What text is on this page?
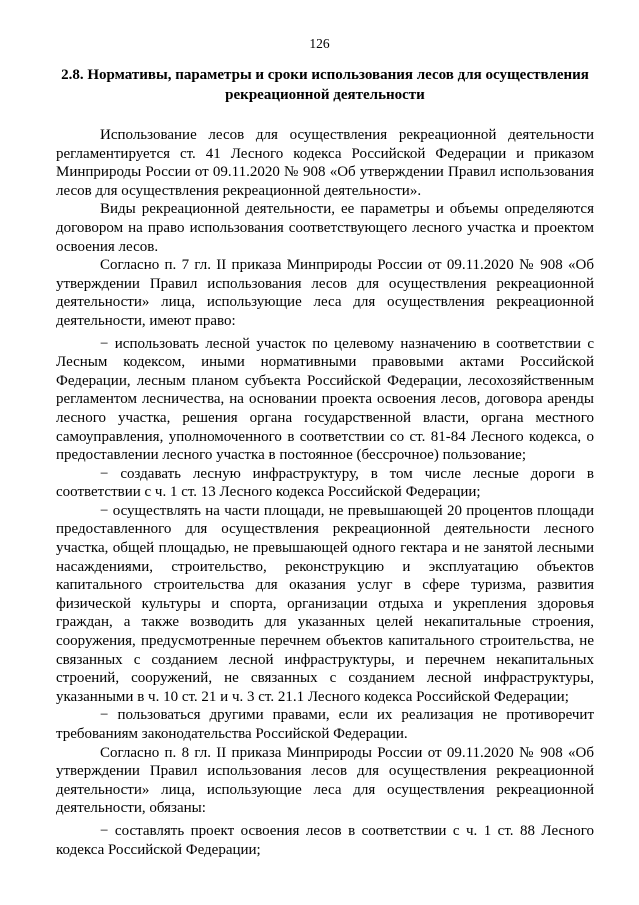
126
2.8. Нормативы, параметры и сроки использования лесов для осуществления рекреационной деятельности

Использование лесов для осуществления рекреационной деятельности регламентируется ст. 41 Лесного кодекса Российской Федерации и приказом Минприроды России от 09.11.2020 № 908 «Об утверждении Правил использования лесов для осуществления рекреационной деятельности».

Виды рекреационной деятельности, ее параметры и объемы определяются договором на право использования соответствующего лесного участка и проектом освоения лесов.

Согласно п. 7 гл. II приказа Минприроды России от 09.11.2020 № 908 «Об утверждении Правил использования лесов для осуществления рекреационной деятельности» лица, использующие леса для осуществления рекреационной деятельности, имеют право:

− использовать лесной участок по целевому назначению в соответствии с Лесным кодексом, иными нормативными правовыми актами Российской Федерации, лесным планом субъекта Российской Федерации, лесохозяйственным регламентом лесничества, на основании проекта освоения лесов, договора аренды лесного участка, решения органа государственной власти, органа местного самоуправления, уполномоченного в соответствии со ст. 81-84 Лесного кодекса, о предоставлении лесного участка в постоянное (бессрочное) пользование;

− создавать лесную инфраструктуру, в том числе лесные дороги в соответствии с ч. 1 ст. 13 Лесного кодекса Российской Федерации;

− осуществлять на части площади, не превышающей 20 процентов площади предоставленного для осуществления рекреационной деятельности лесного участка, общей площадью, не превышающей одного гектара и не занятой лесными насаждениями, строительство, реконструкцию и эксплуатацию объектов капитального строительства для оказания услуг в сфере туризма, развития физической культуры и спорта, организации отдыха и укрепления здоровья граждан, а также возводить для указанных целей некапитальные строения, сооружения, предусмотренные перечнем объектов капитального строительства, не связанных с созданием лесной инфраструктуры, и перечнем некапитальных строений, сооружений, не связанных с созданием лесной инфраструктуры, указанными в ч. 10 ст. 21 и ч. 3 ст. 21.1 Лесного кодекса Российской Федерации;

− пользоваться другими правами, если их реализация не противоречит требованиям законодательства Российской Федерации.

Согласно п. 8 гл. II приказа Минприроды России от 09.11.2020 № 908 «Об утверждении Правил использования лесов для осуществления рекреационной деятельности» лица, использующие леса для осуществления рекреационной деятельности, обязаны:

− составлять проект освоения лесов в соответствии с ч. 1 ст. 88 Лесного кодекса Российской Федерации;
